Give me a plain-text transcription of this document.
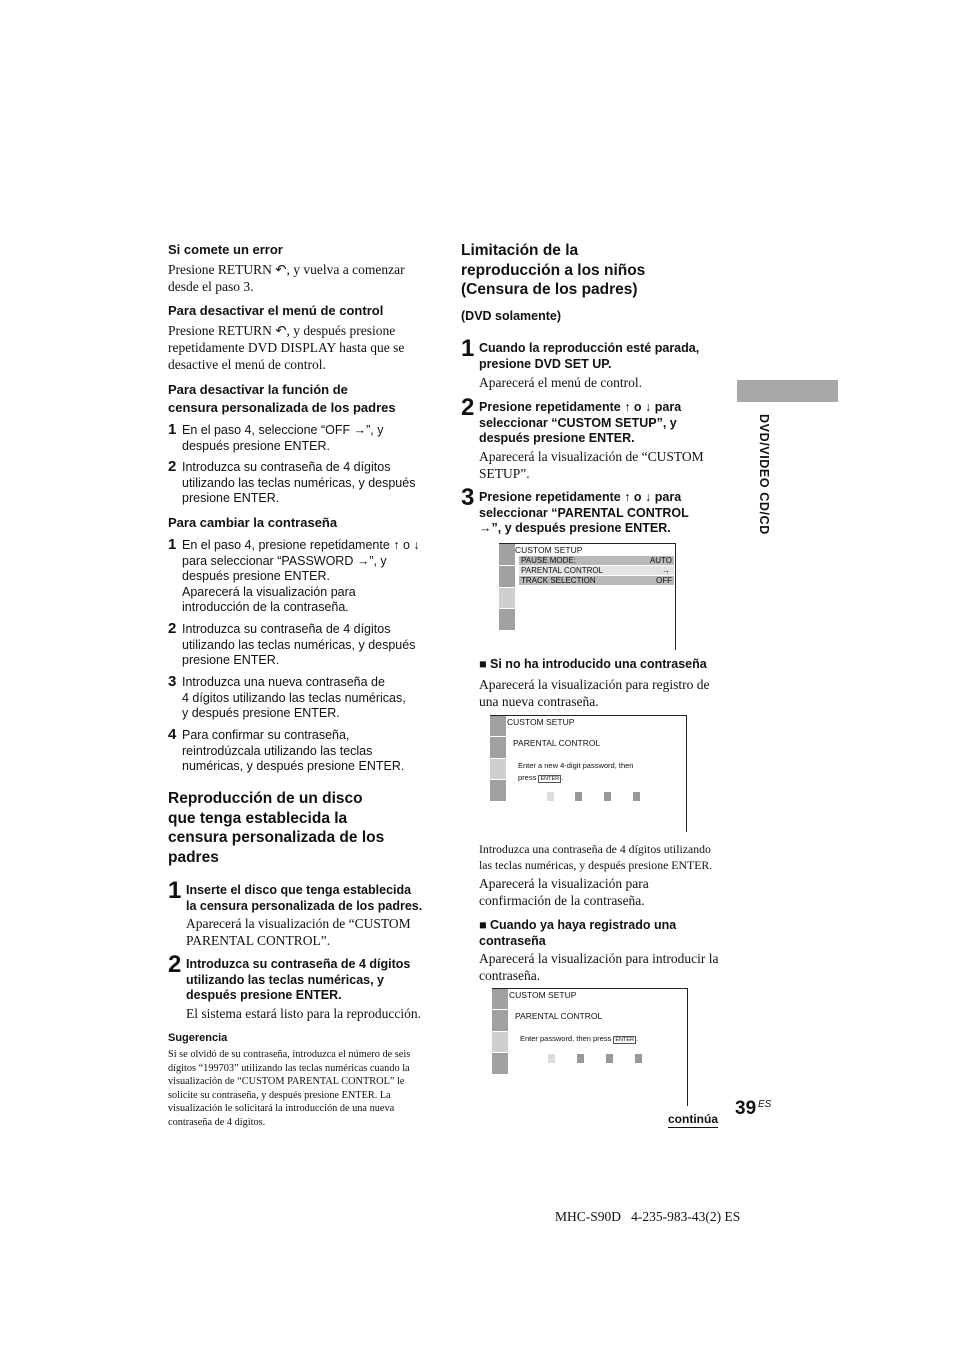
Si comete un error
Presione RETURN ↶, y vuelva a comenzar
desde el paso 3.
Para desactivar el menú de control
Presione RETURN ↶, y después presione
repetidamente DVD DISPLAY hasta que se
desactive el menú de control.
Para desactivar la función de
censura personalizada de los padres
1 En el paso 4, seleccione “OFF →”, y
después presione ENTER.
2 Introduzca su contraseña de 4 dígitos
utilizando las teclas numéricas, y después
presione ENTER.
Para cambiar la contraseña
1 En el paso 4, presione repetidamente ↑ o ↓
para seleccionar “PASSWORD →”, y
después presione ENTER.
Aparecerá la visualización para
introducción de la contraseña.
2 Introduzca su contraseña de 4 dígitos
utilizando las teclas numéricas, y después
presione ENTER.
3 Introduzca una nueva contraseña de
4 dígitos utilizando las teclas numéricas,
y después presione ENTER.
4 Para confirmar su contraseña,
reintrodúzcala utilizando las teclas
numéricas, y después presione ENTER.
Reproducción de un disco
que tenga establecida la
censura personalizada de los
padres
1 Inserte el disco que tenga establecida
la censura personalizada de los padres.
Aparecerá la visualización de “CUSTOM
PARENTAL CONTROL”.
2 Introduzca su contraseña de 4 dígitos
utilizando las teclas numéricas, y
después presione ENTER.
El sistema estará listo para la reproducción.
Sugerencia
Si se olvidó de su contraseña, introduzca el número de seis
dígitos “199703” utilizando las teclas numéricas cuando la
visualización de “CUSTOM PARENTAL CONTROL” le
solicite su contraseña, y después presione ENTER. La
visualización le solicitará la introducción de una nueva
contraseña de 4 dígitos.
Limitación de la
reproducción a los niños
(Censura de los padres)
(DVD solamente)
1 Cuando la reproducción esté parada,
presione DVD SET UP.
Aparecerá el menú de control.
2 Presione repetidamente ↑ o ↓ para
seleccionar “CUSTOM SETUP”, y
después presione ENTER.
Aparecerá la visualización de “CUSTOM
SETUP”.
3 Presione repetidamente ↑ o ↓ para
seleccionar “PARENTAL CONTROL
→”, y después presione ENTER.
CUSTOM SETUP
PAUSE MODE:	AUTO
PARENTAL CONTROL	→
TRACK SELECTION	OFF
■ Si no ha introducido una contraseña
Aparecerá la visualización para registro de
una nueva contraseña.
CUSTOM SETUP
PARENTAL CONTROL
Enter a new 4-digit password, then
press ENTER .
Introduzca una contraseña de 4 dígitos utilizando
las teclas numéricas, y después presione ENTER.
Aparecerá la visualización para
confirmación de la contraseña.
■ Cuando ya haya registrado una
contraseña
Aparecerá la visualización para introducir la
contraseña.
CUSTOM SETUP
PARENTAL CONTROL
Enter password, then press ENTER .
continúa
DVD/VIDEO CD/CD
39 ES
MHC-S90D   4-235-983-43(2) ES
